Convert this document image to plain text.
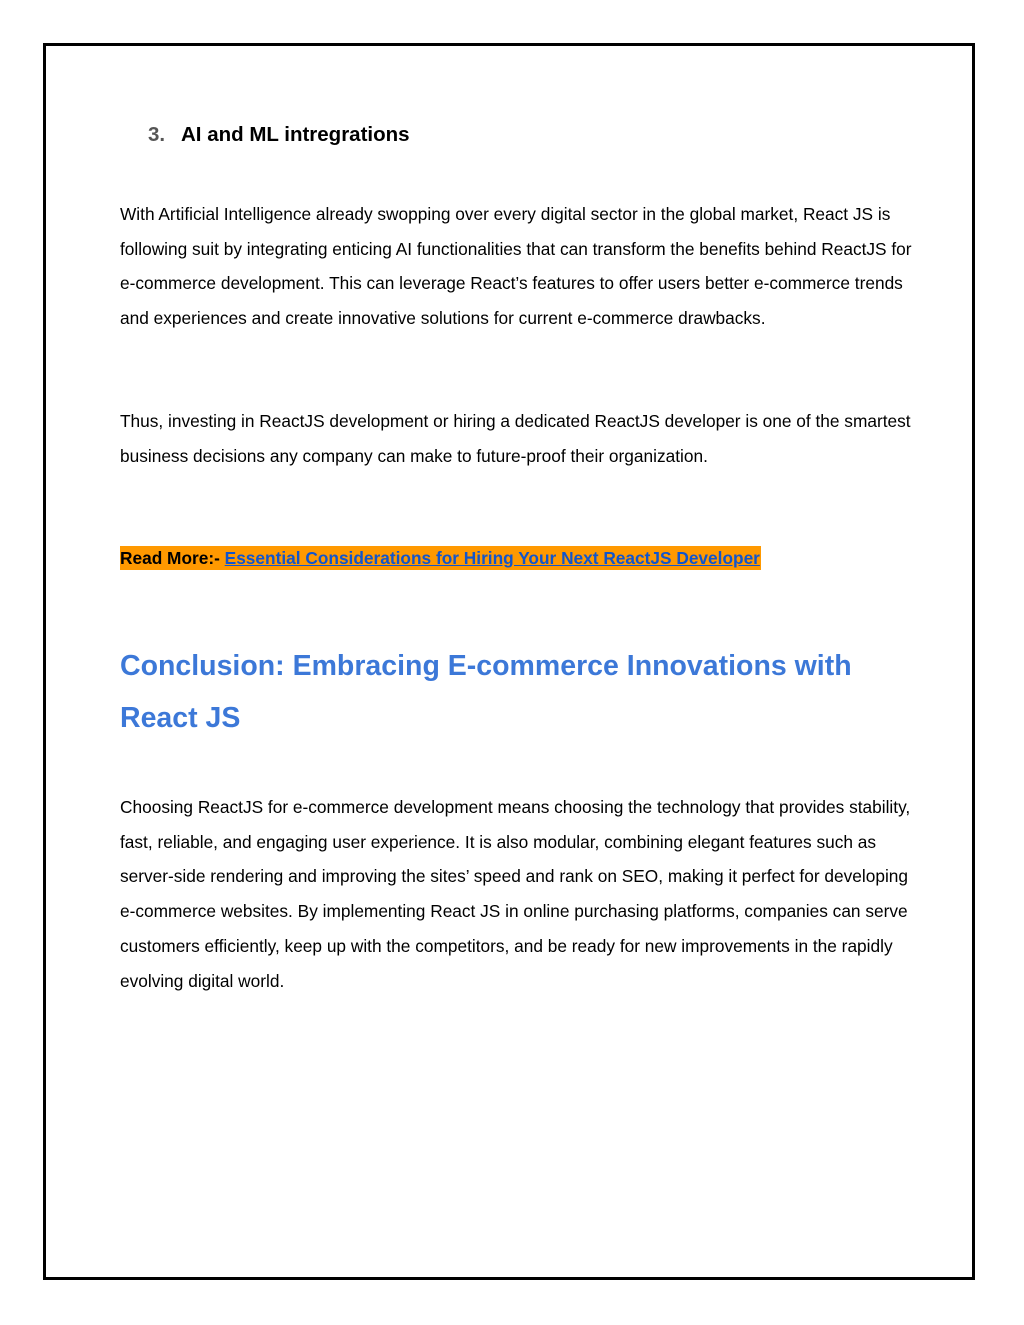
3. AI and ML intregrations

With Artificial Intelligence already swopping over every digital sector in the global market, React JS is following suit by integrating enticing AI functionalities that can transform the benefits behind ReactJS for e-commerce development. This can leverage React’s features to offer users better e-commerce trends and experiences and create innovative solutions for current e-commerce drawbacks.

Thus, investing in ReactJS development or hiring a dedicated ReactJS developer is one of the smartest business decisions any company can make to future-proof their organization.

Read More:- Essential Considerations for Hiring Your Next ReactJS Developer
Conclusion: Embracing E-commerce Innovations with React JS

Choosing ReactJS for e-commerce development means choosing the technology that provides stability, fast, reliable, and engaging user experience. It is also modular, combining elegant features such as server-side rendering and improving the sites’ speed and rank on SEO, making it perfect for developing e-commerce websites. By implementing React JS in online purchasing platforms, companies can serve customers efficiently, keep up with the competitors, and be ready for new improvements in the rapidly evolving digital world.
